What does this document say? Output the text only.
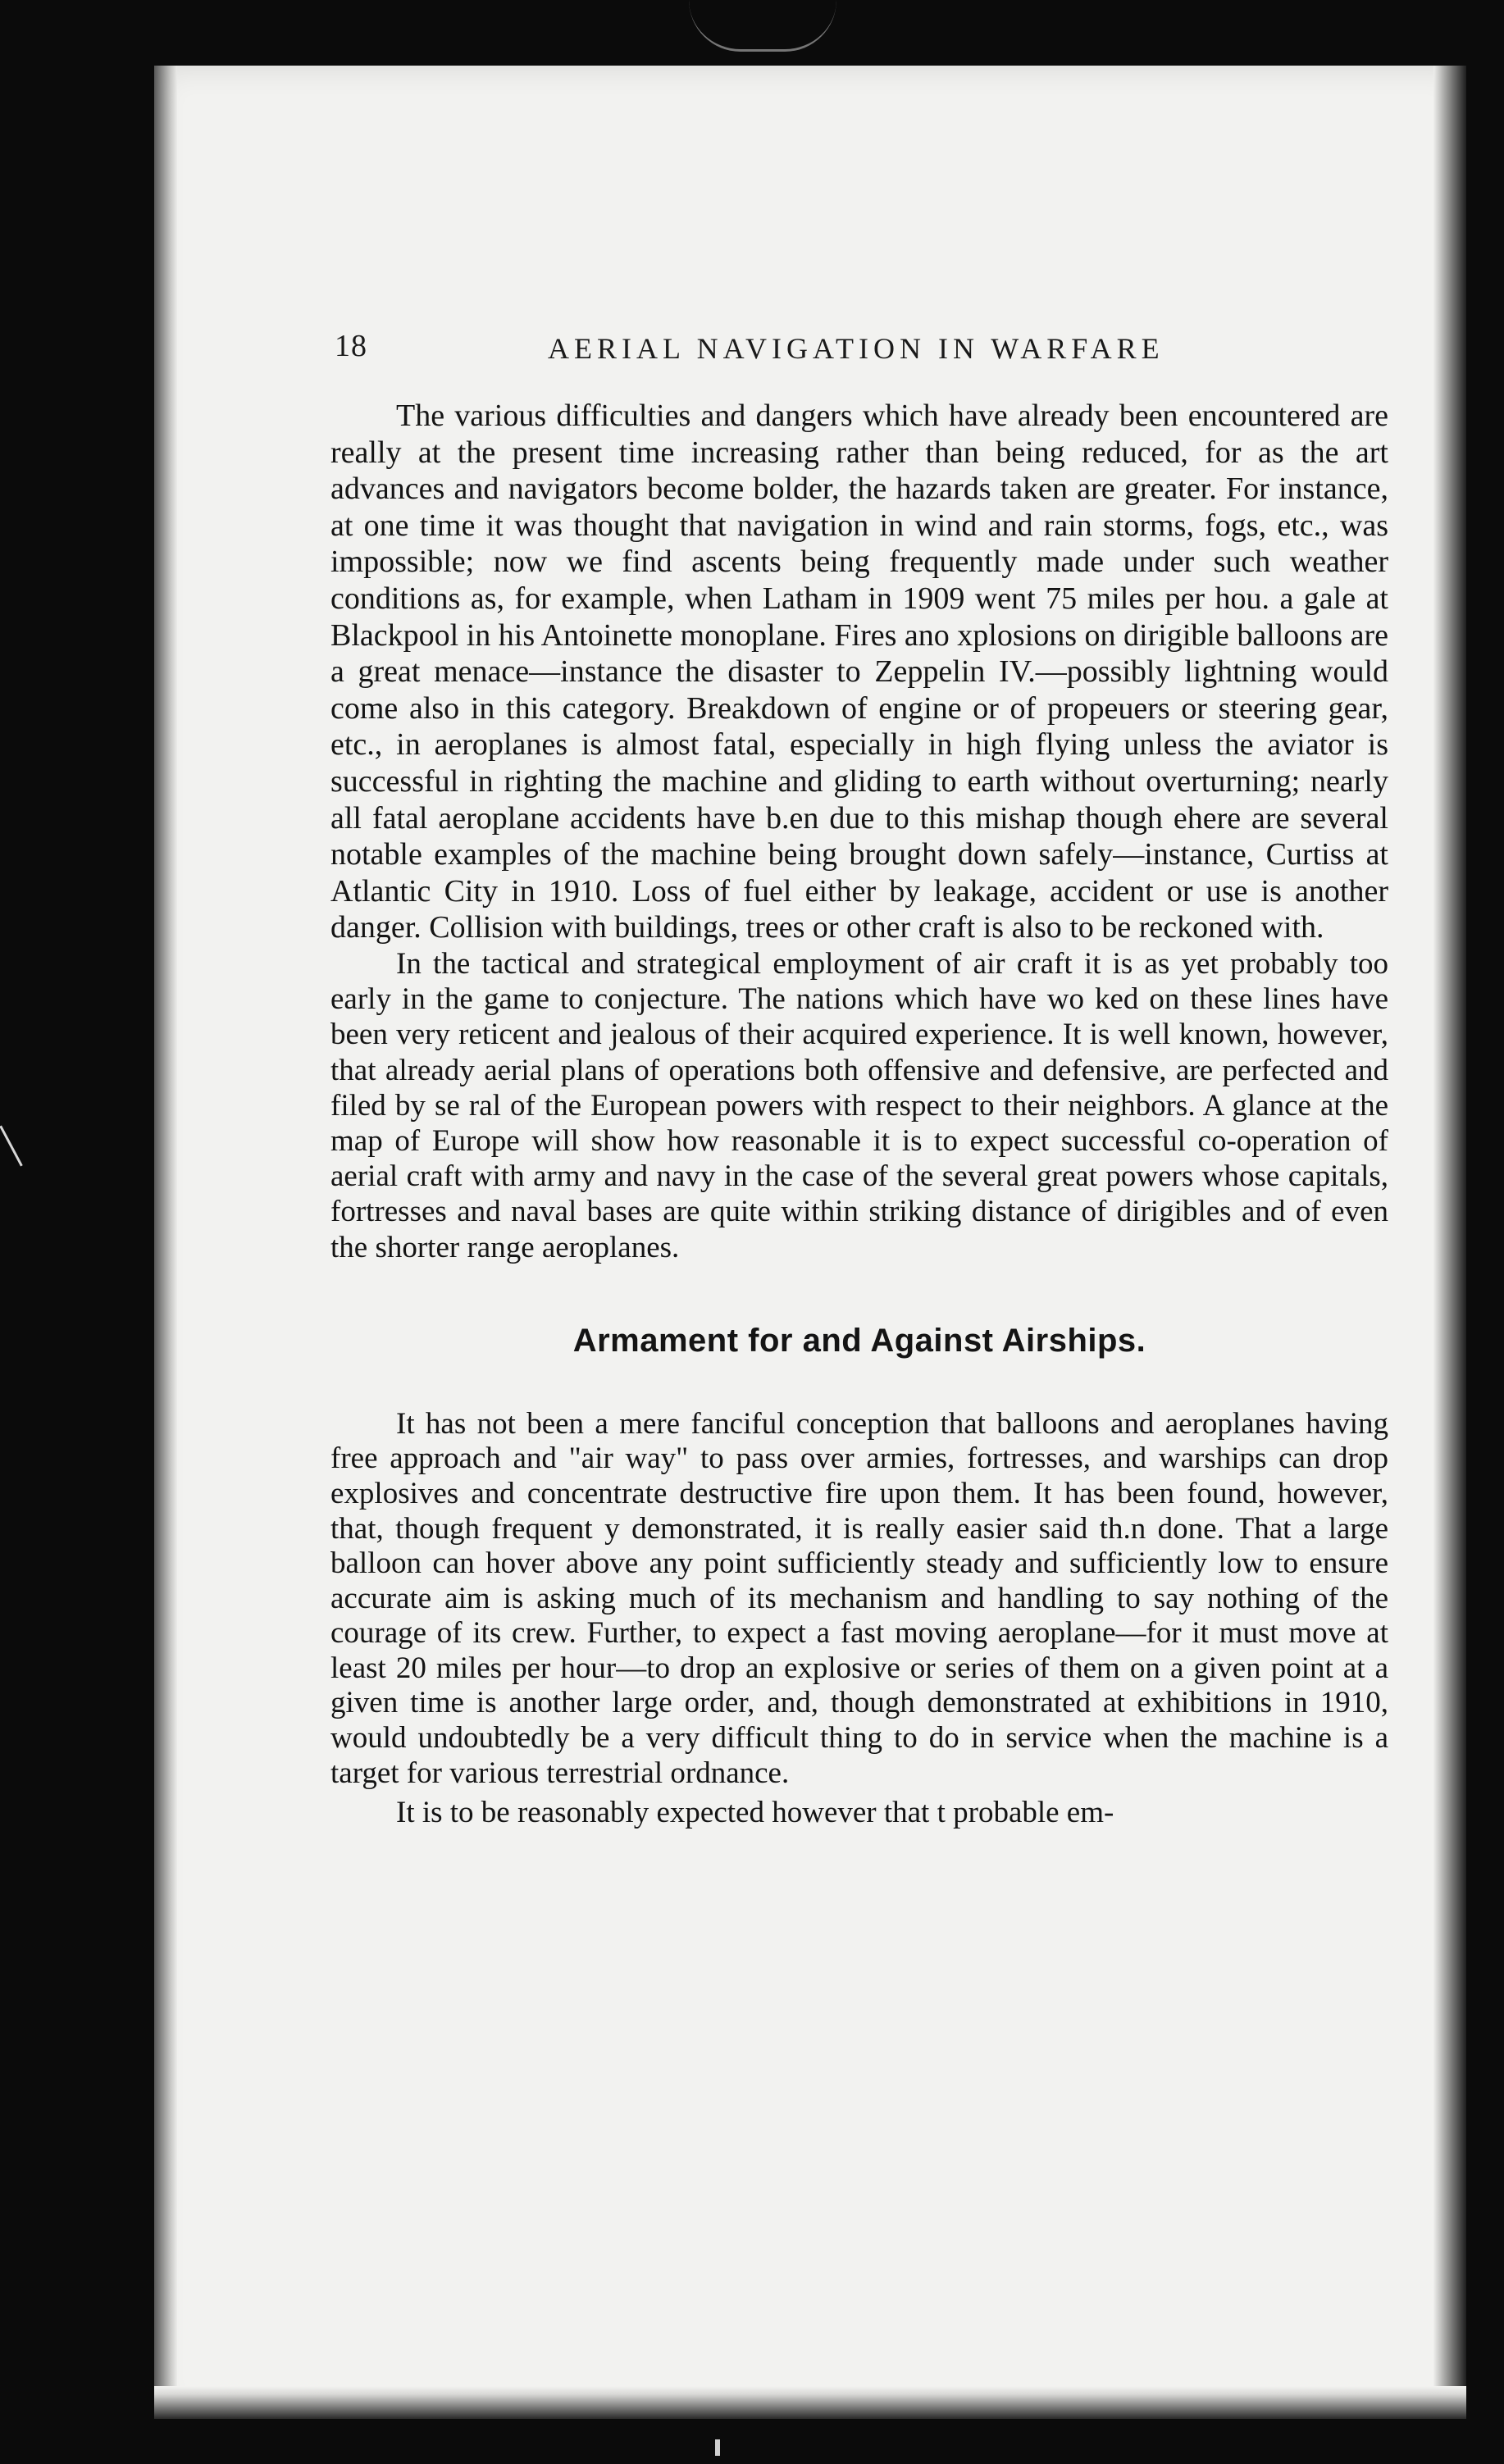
18	AERIAL NAVIGATION IN WARFARE

The various difficulties and dangers which have already been encountered are really at the present time increasing rather than being reduced, for as the art advances and navigators become bolder, the hazards taken are greater. For instance, at one time it was thought that navigation in wind and rain storms, fogs, etc., was impossible; now we find ascents being frequently made under such weather conditions as, for example, when Latham in 1909 went 75 miles per hou. a gale at Blackpool in his Antoinette monoplane. Fires ano xplosions on dirigible balloons are a great menace—instance the disaster to Zeppelin IV.—possibly lightning would come also in this category. Breakdown of engine or of propeuers or steering gear, etc., in aeroplanes is almost fatal, especially in high flying unless the aviator is successful in righting the machine and gliding to earth without overturning; nearly all fatal aeroplane accidents have b.en due to this mishap though ehere are several notable examples of the machine being brought down safely—instance, Curtiss at Atlantic City in 1910. Loss of fuel either by leakage, accident or use is another danger. Collision with buildings, trees or other craft is also to be reckoned with.

In the tactical and strategical employment of air craft it is as yet probably too early in the game to conjecture. The nations which have wo ked on these lines have been very reticent and jealous of their acquired experience. It is well known, however, that already aerial plans of operations both offensive and defensive, are perfected and filed by se ral of the European powers with respect to their neighbors. A glance at the map of Europe will show how reasonable it is to expect successful co-operation of aerial craft with army and navy in the case of the several great powers whose capitals, fortresses and naval bases are quite within striking distance of dirigibles and of even the shorter range aeroplanes.

Armament for and Against Airships.

It has not been a mere fanciful conception that balloons and aeroplanes having free approach and "air way" to pass over armies, fortresses, and warships can drop explosives and concentrate destructive fire upon them. It has been found, however, that, though frequent y demonstrated, it is really easier said th.n done. That a large balloon can hover above any point sufficiently steady and sufficiently low to ensure accurate aim is asking much of its mechanism and handling to say nothing of the courage of its crew. Further, to expect a fast moving aeroplane—for it must move at least 20 miles per hour—to drop an explosive or series of them on a given point at a given time is another large order, and, though demonstrated at exhibitions in 1910, would undoubtedly be a very difficult thing to do in service when the machine is a target for various terrestrial ordnance.

It is to be reasonably expected however that t probable em-
